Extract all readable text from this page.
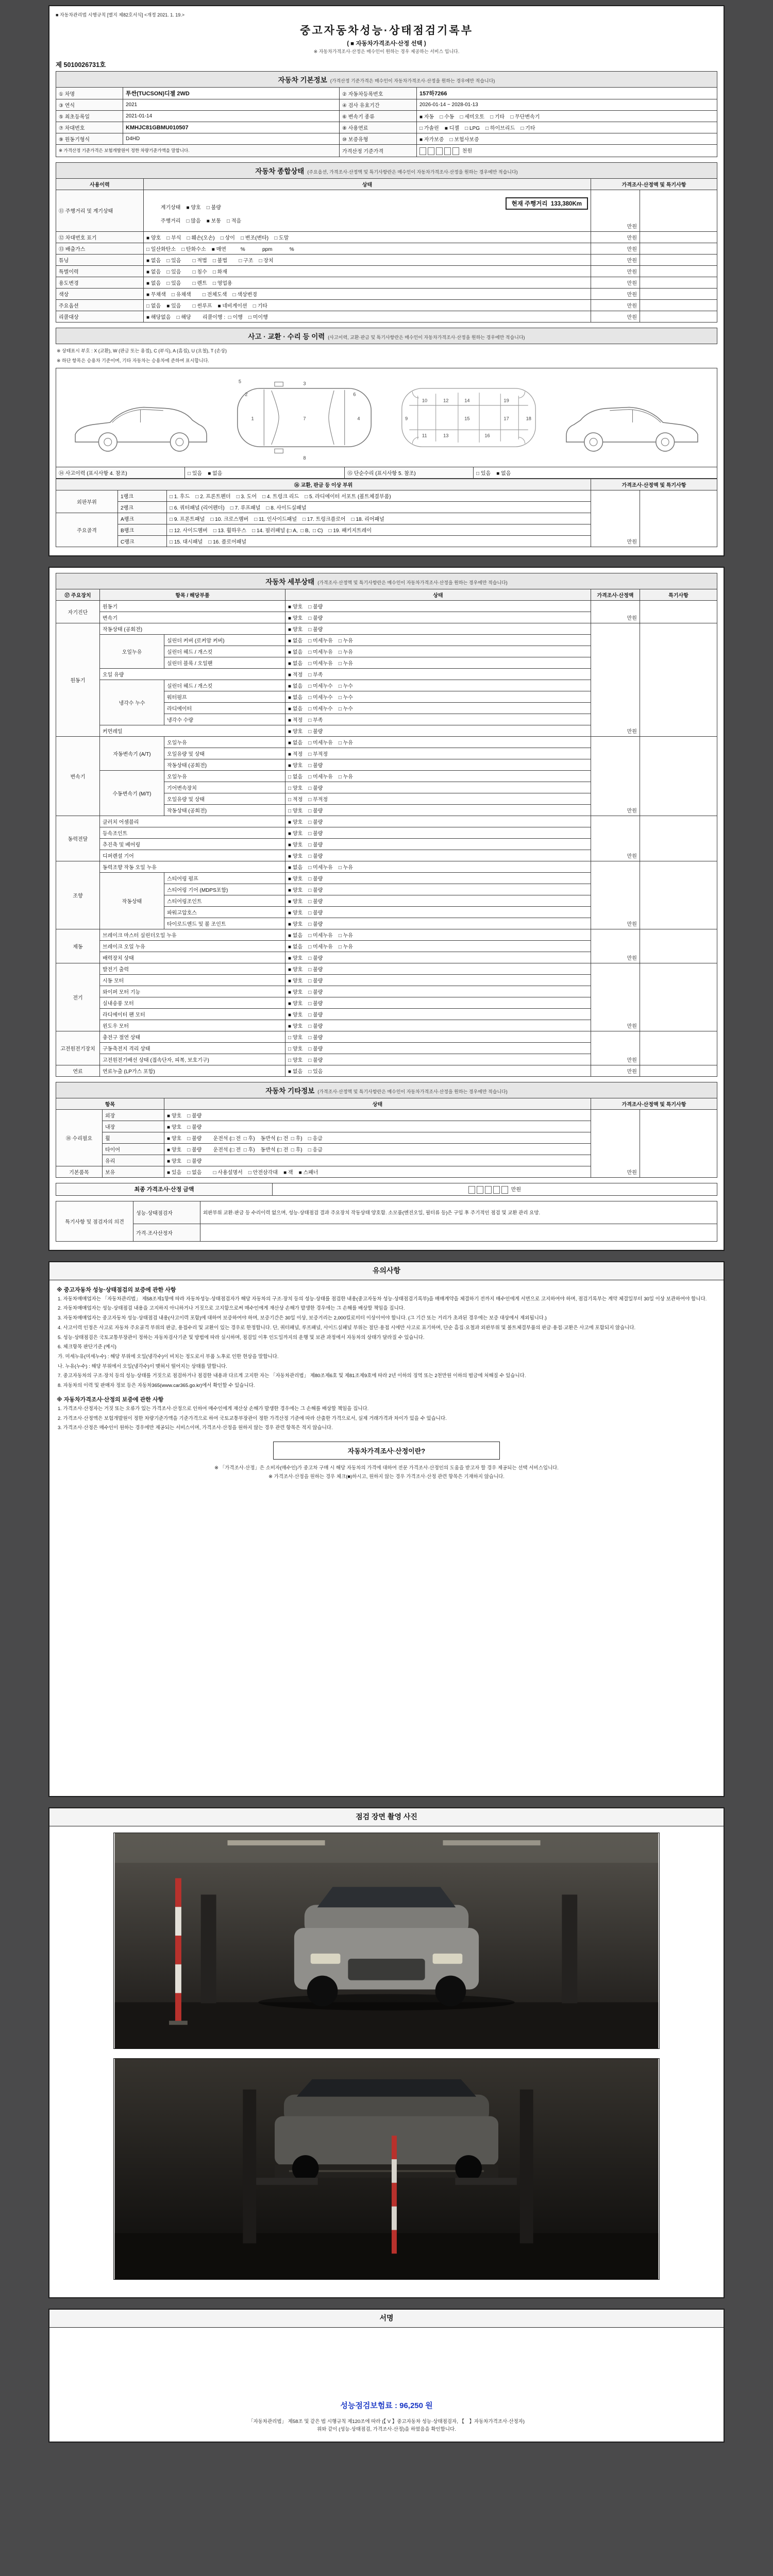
■ 자동차관리법 시행규칙 [별지 제82호서식] <개정 2021. 1. 19.>
중고자동차성능·상태점검기록부
( ■ 자동차가격조사·산정 선택 )
※ 자동차가격조사·산정은 매수인이 원하는 경우 제공하는 서비스 입니다.
제 5010026731호
자동차 기본정보 (가격산정 기준가격은 매수인이 자동차가격조사·산정을 원하는 경우에만 적습니다)			
① 차명	투싼(TUCSON)디젤 2WD	② 자동차등록번호	157하7266
③ 연식	2021	④ 검사 유효기간	2026-01-14 ~ 2028-01-13
⑤ 최초등록일	2021-01-14	⑥ 변속기 종류	■ 자동    □ 수동    □ 세미오토    □ 기타    □ 무단변속기
⑦ 차대번호	KMHJC81GBMU010507	⑧ 사용연료	□ 가솔린    ■ 디젤    □ LPG    □ 하이브리드    □ 기타
⑨ 원동기형식	D4HD	⑩ 보증유형	■ 자가보증    □ 보험사보증
※ 가격산정 기준가격은 보험개발원이 정한 차량기준가액을 말합니다.		가격산정 기준가격	천원
자동차 종합상태 (주요옵션, 가격조사·산정액 및 특기사항란은 매수인이 자동차가격조사·산정을 원하는 경우에만 적습니다)			
사용이력	상태	가격조사·산정액 및 특기사항	
⑪ 주행거리 및 계기상태	현재 주행거리  133,380Km

계기상태    ■ 양호    □ 불량

주행거리    □ 많음    ■ 보통    □ 적음	만원	
⑫ 차대번호 표기	■ 양호    □ 부식    □ 훼손(오손)    □ 상이    □ 변조(변타)    □ 도말	만원	
⑬ 배출가스	□ 일산화탄소    □ 탄화수소    ■ 매연          %            ppm            %	만원	
튜닝	■ 없음    □ 있음        □ 적법    □ 불법        □ 구조    □ 장치	만원	
특별이력	■ 없음    □ 있음        □ 침수    □ 화재	만원	
용도변경	■ 없음    □ 있음        □ 렌트    □ 영업용	만원	
색상	■ 무채색    □ 유채색        □ 전체도색    □ 색상변경	만원	
주요옵션	□ 없음    ■ 있음        □ 썬루프    ■ 네비게이션    □ 기타	만원	
리콜대상	■ 해당없음    □ 해당        리콜이행 :  □ 이행    □ 미이행	만원	
사고 · 교환 · 수리 등 이력 (사고이력, 교환·판금 및 특기사항란은 매수인이 자동차가격조사·산정을 원하는 경우에만 적습니다)
※ 상태표시 부호 : X (교환), W (판금 또는 용접), C (부식), A (흠집), U (요철), T (손상)
※ 하단 항목은 승용차 기준이며, 기타 자동차는 승용차에 준하여 표시합니다.
1
2
3
4
5
6
7
8
9
10
11
12
13
14
15
16
17	18
19
⑭ 사고이력 (표시사항 4. 참조)	□ 있음    ■ 없음	⑮ 단순수리 (표시사항 5. 참조)	□ 있음    ■ 없음
⑯ 교환, 판금 등 이상 부위			가격조사·산정액 및 특기사항	
외판부위	1랭크	□ 1. 후드    □ 2. 프론트펜더    □ 3. 도어    □ 4. 트렁크 리드    □ 5. 라디에이터 서포트 (볼트체결부품)	만원	
	2랭크	□ 6. 쿼터패널 (리어펜더)    □ 7. 루프패널    □ 8. 사이드실패널		
주요골격	A랭크	□ 9. 프론트패널    □ 10. 크로스멤버    □ 11. 인사이드패널    □ 17. 트렁크플로어    □ 18. 리어패널		
	B랭크	□ 12. 사이드멤버    □ 13. 휠하우스    □ 14. 필러패널 (□ A,  □ B,  □ C)    □ 19. 패키지트레이		
	C랭크	□ 15. 대시패널    □ 16. 플로어패널		
자동차 세부상태 (가격조사·산정액 및 특기사항란은 매수인이 자동차가격조사·산정을 원하는 경우에만 적습니다)					
⑰ 주요장치	항목 / 해당부품		상태	가격조사·산정액	특기사항
자기진단	원동기		■ 양호    □ 불량	만원	
	변속기		■ 양호    □ 불량		
원동기	작동상태 (공회전)		■ 양호    □ 불량	만원	
	오일누유	실린더 커버 (로커암 커버)	■ 없음    □ 미세누유    □ 누유		
		실린더 헤드 / 개스킷	■ 없음    □ 미세누유    □ 누유		
		실린더 블록 / 오일팬	■ 없음    □ 미세누유    □ 누유		
	오일 유량		■ 적정    □ 부족		
	냉각수 누수	실린더 헤드 / 개스킷	■ 없음    □ 미세누수    □ 누수		
		워터펌프	■ 없음    □ 미세누수    □ 누수		
		라디에이터	■ 없음    □ 미세누수    □ 누수		
		냉각수 수량	■ 적정    □ 부족		
	커먼레일		■ 양호    □ 불량		
변속기	자동변속기 (A/T)	오일누유	■ 없음    □ 미세누유    □ 누유	만원	
		오일유량 및 상태	■ 적정    □ 부적정		
		작동상태 (공회전)	■ 양호    □ 불량		
	수동변속기 (M/T)	오일누유	□ 없음    □ 미세누유    □ 누유		
		기어변속장치	□ 양호    □ 불량		
		오일유량 및 상태	□ 적정    □ 부적정		
		작동상태 (공회전)	□ 양호    □ 불량		
동력전달	클러치 어셈블리		■ 양호    □ 불량	만원	
	등속조인트		■ 양호    □ 불량		
	추진축 및 베어링		■ 양호    □ 불량		
	디퍼렌셜 기어		■ 양호    □ 불량		
조향	동력조향 작동 오일 누유		■ 없음    □ 미세누유    □ 누유	만원	
	작동상태	스티어링 펌프	■ 양호    □ 불량		
		스티어링 기어 (MDPS포함)	■ 양호    □ 불량		
		스티어링조인트	■ 양호    □ 불량		
		파워고압호스	■ 양호    □ 불량		
		타이로드엔드 및 볼 조인트	■ 양호    □ 불량		
제동	브레이크 마스터 실린더오일 누유		■ 없음    □ 미세누유    □ 누유	만원	
	브레이크 오일 누유		■ 없음    □ 미세누유    □ 누유		
	배력장치 상태		■ 양호    □ 불량		
전기	발전기 출력		■ 양호    □ 불량	만원	
	시동 모터		■ 양호    □ 불량		
	와이퍼 모터 기능		■ 양호    □ 불량		
	실내송풍 모터		■ 양호    □ 불량		
	라디에이터 팬 모터		■ 양호    □ 불량		
	윈도우 모터		■ 양호    □ 불량		
고전원전기장치	충전구 절연 상태		□ 양호    □ 불량	만원	
	구동축전지 격리 상태		□ 양호    □ 불량		
	고전원전기배선 상태 (접속단자, 피복, 보호기구)		□ 양호    □ 불량		
연료	연료누출 (LP가스 포함)		■ 없음    □ 있음	만원	
자동차 기타정보 (가격조사·산정액 및 특기사항란은 매수인이 자동차가격조사·산정을 원하는 경우에만 적습니다)				
항목		상태	가격조사·산정액 및 특기사항	
⑱ 수리필요	외장	■ 양호    □ 불량	만원	
	내장	■ 양호    □ 불량		
	휠	■ 양호    □ 불량        운전석 (□ 전  □ 후)    동반석 (□ 전  □ 후)    □ 응급		
	타이어	■ 양호    □ 불량        운전석 (□ 전  □ 후)    동반석 (□ 전  □ 후)    □ 응급		
	유리	■ 양호    □ 불량		
기본품목	보유	■ 있음    □ 없음        □ 사용설명서    □ 안전삼각대    ■ 잭    ■ 스패너		
최종 가격조사·산정 금액	만원
특기사항 및 점검자의 의견	성능·상태점검자	외판부위 교환·판금 등 수리이력 없으며, 성능·상태점검 결과 주요장치 작동상태 양호함. 소모품(엔진오일, 필터류 등)은 구입 후 주기적인 점검 및 교환 관리 요망.
	가격·조사산정자	
유의사항
※ 중고자동차 성능·상태점검의 보증에 관한 사항
1. 자동차매매업자는 「자동차관리법」 제58조제1항에 따라 자동차성능·상태점검자가 해당 자동차의 구조·장치 등의 성능·상태를 점검한 내용(중고자동차 성능·상태점검기록부)을 매매계약을 체결하기 전까지 매수인에게 서면으로 고지하여야 하며, 점검기록부는 계약 체결일부터 30일 이상 보관하여야 합니다.
2. 자동차매매업자는 성능·상태점검 내용을 고지하지 아니하거나 거짓으로 고지함으로써 매수인에게 재산상 손해가 발생한 경우에는 그 손해를 배상할 책임을 집니다.
3. 자동차매매업자는 중고자동차 성능·상태점검 내용(사고이력 포함)에 대하여 보증하여야 하며, 보증기간은 30일 이상, 보증거리는 2,000킬로미터 이상이어야 합니다. (그 기간 또는 거리가 초과된 경우에는 보증 대상에서 제외됩니다.)
4. 사고이력 인정은 사고로 자동차 주요골격 부위의 판금, 용접수리 및 교환이 있는 경우로 한정합니다. 단, 쿼터패널, 루프패널, 사이드실패널 부위는 절단·용접 시에만 사고로 표기하며, 단순 흠집·요철과 외판부위 및 볼트체결부품의 판금·용접·교환은 사고에 포함되지 않습니다.
5. 성능·상태점검은 국토교통부장관이 정하는 자동차검사기준 및 방법에 따라 실시하며, 점검일 이후 인도일까지의 운행 및 보관 과정에서 자동차의 상태가 달라질 수 있습니다.
6. 체크항목 판단기준 (예시)
가. 미세누유(미세누수) : 해당 부위에 오일(냉각수)이 비치는 정도로서 부품 노후로 인한 현상을 말합니다.
나. 누유(누수) : 해당 부위에서 오일(냉각수)이 맺혀서 떨어지는 상태를 말합니다.
7. 중고자동차의 구조·장치 등의 성능·상태를 거짓으로 점검하거나 점검한 내용과 다르게 고지한 자는 「자동차관리법」 제80조제6호 및 제81조제9호에 따라 2년 이하의 징역 또는 2천만원 이하의 벌금에 처해질 수 있습니다.
8. 자동차의 이력 및 판매자 정보 등은 자동차365(www.car365.go.kr)에서 확인할 수 있습니다.
※ 자동차가격조사·산정의 보증에 관한 사항
1. 가격조사·산정자는 거짓 또는 오류가 있는 가격조사·산정으로 인하여 매수인에게 재산상 손해가 발생한 경우에는 그 손해를 배상할 책임을 집니다.
2. 가격조사·산정액은 보험개발원이 정한 차량기준가액을 기준가격으로 하여 국토교통부장관이 정한 가격산정 기준에 따라 산출한 가격으로서, 실제 거래가격과 차이가 있을 수 있습니다.
3. 가격조사·산정은 매수인이 원하는 경우에만 제공되는 서비스이며, 가격조사·산정을 원하지 않는 경우 관련 항목은 적지 않습니다.
자동차가격조사·산정이란?
※ 「가격조사·산정」은 소비자(매수인)가 중고차 구매 시 해당 자동차의 가격에 대하여 전문 가격조사·산정인의 도움을 받고자 할 경우 제공되는 선택 서비스입니다.
※ 가격조사·산정을 원하는 경우 체크(■)하시고, 원하지 않는 경우 가격조사·산정 관련 항목은 기재하지 않습니다.
점검 장면 촬영 사진
서명
성능점검보험료 : 96,250 원
「자동차관리법」 제58조 및 같은 법 시행규칙 제120조에 따라 (【 V 】중고자동차 성능·상태점검자, 【　】자동차가격조사·산정자)
위와 같이 (성능·상태점검, 가격조사·산정)을 하였음을 확인합니다.
